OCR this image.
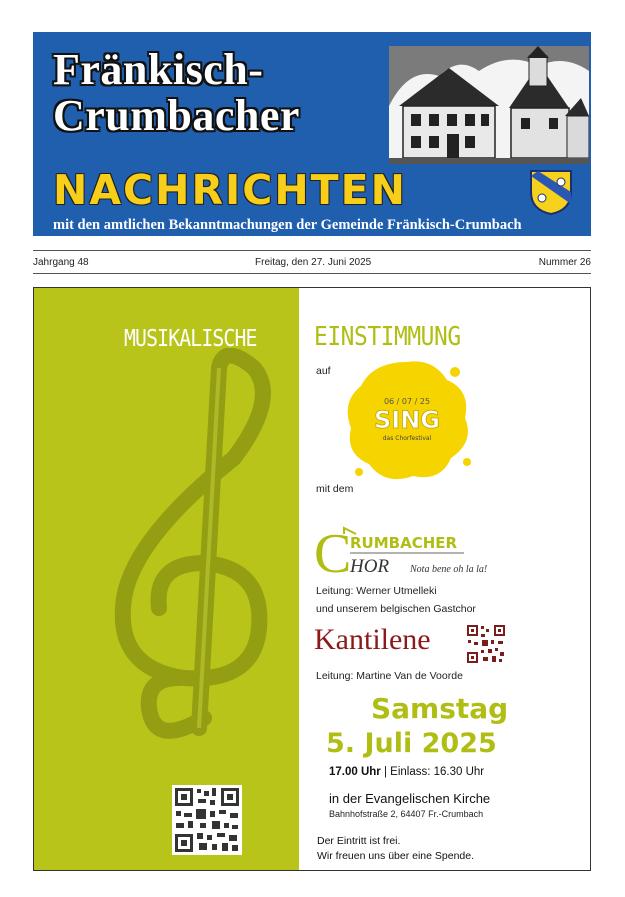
Fränkisch-
Crumbacher
NACHRICHTEN
mit den amtlichen Bekanntmachungen der Gemeinde Fränkisch-Crumbach
Jahrgang 48	Freitag, den 27. Juni 2025	Nummer 26
MUSIKALISCHE EINSTIMMUNG
auf
06 / 07 / 25
SING
das Chorfestival
mit dem
C
RUMBACHER
HOR Nota bene oh la la!
Leitung: Werner Utmelleki
und unserem belgischen Gastchor
Kantilene
Leitung: Martine Van de Voorde
Samstag
5. Juli 2025
17.00 Uhr | Einlass: 16.30 Uhr
in der Evangelischen Kirche
Bahnhofstraße 2, 64407 Fr.-Crumbach
Der Eintritt ist frei.
Wir freuen uns über eine Spende.
